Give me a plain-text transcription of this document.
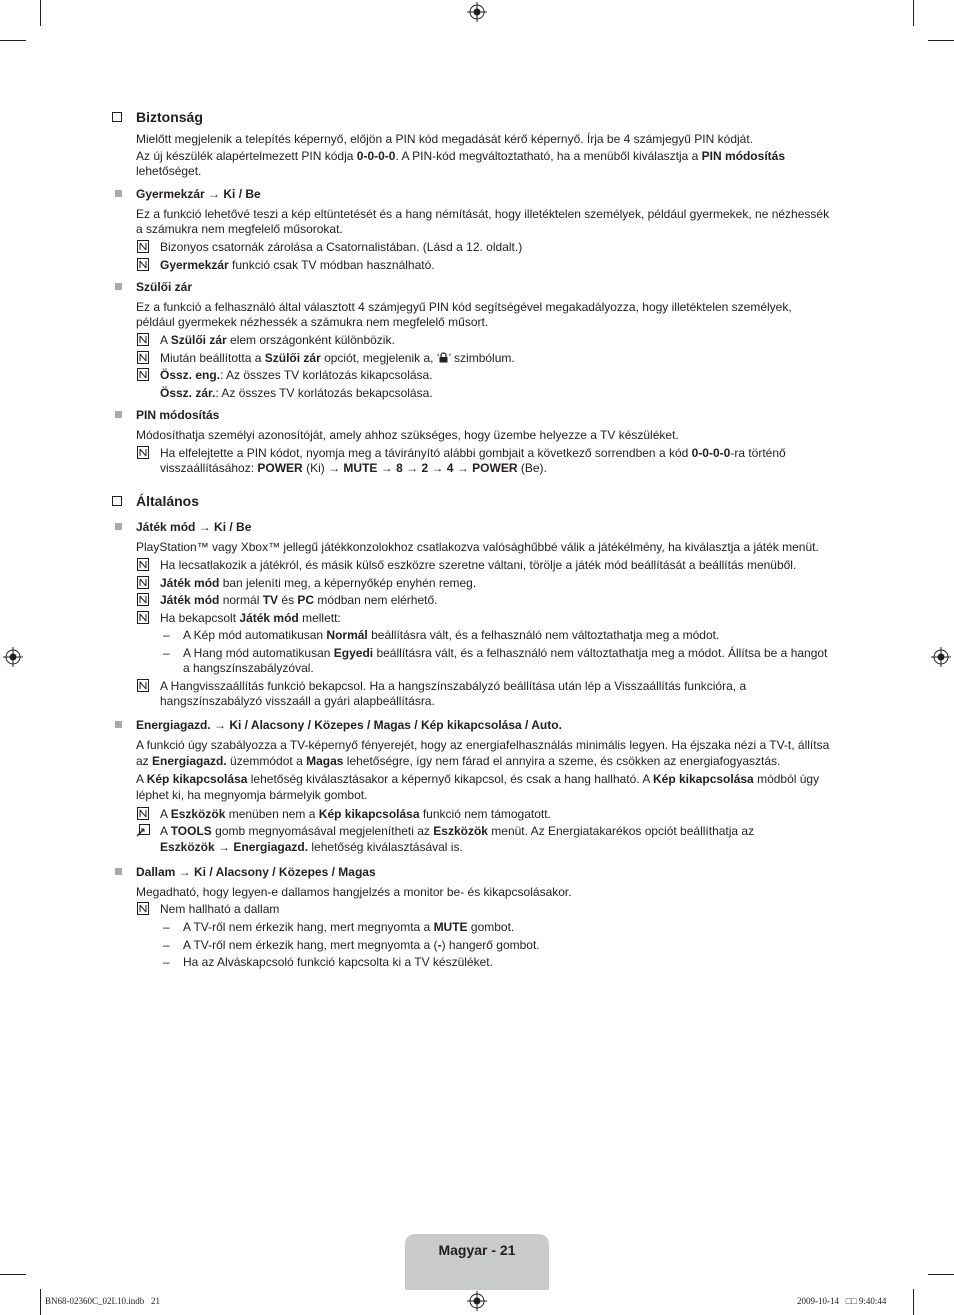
Biztonság
Mielőtt megjelenik a telepítés képernyő, előjön a PIN kód megadását kérő képernyő. Írja be 4 számjegyű PIN kódját.
Az új készülék alapértelmezett PIN kódja 0-0-0-0. A PIN-kód megváltoztatható, ha a menüből kiválasztja a PIN módosítás
lehetőséget.
Gyermekzár → Ki / Be
Ez a funkció lehetővé teszi a kép eltüntetését és a hang némítását, hogy illetéktelen személyek, például gyermekek, ne nézhessék
a számukra nem megfelelő műsorokat.
Bizonyos csatornák zárolása a Csatornalistában. (Lásd a 12. oldalt.)
Gyermekzár funkció csak TV módban használható.
Szülői zár
Ez a funkció a felhasználó által választott 4 számjegyű PIN kód segítségével megakadályozza, hogy illetéktelen személyek,
például gyermekek nézhessék a számukra nem megfelelő műsort.
A Szülői zár elem országonként különbözik.
Miután beállította a Szülői zár opciót, megjelenik a, ‘ ’ szimbólum.
Össz. eng.: Az összes TV korlátozás kikapcsolása.
Össz. zár.: Az összes TV korlátozás bekapcsolása.
PIN módosítás
Módosíthatja személyi azonosítóját, amely ahhoz szükséges, hogy üzembe helyezze a TV készüléket.
Ha elfelejtette a PIN kódot, nyomja meg a távirányító alábbi gombjait a következő sorrendben a kód 0-0-0-0-ra történő
visszaállításához: POWER (Ki) → MUTE → 8 → 2 → 4 → POWER (Be).
Általános
Játék mód → Ki / Be
PlayStation™ vagy Xbox™ jellegű játékkonzolokhoz csatlakozva valósághűbbé válik a játékélmény, ha kiválasztja a játék menüt.
Ha lecsatlakozik a játékról, és másik külső eszközre szeretne váltani, törölje a játék mód beállítását a beállítás menüből.
Játék mód ban jeleníti meg, a képernyőkép enyhén remeg.
Játék mód normál TV és PC módban nem elérhető.
Ha bekapcsolt Játék mód mellett:
– A Kép mód automatikusan Normál beállításra vált, és a felhasználó nem változtathatja meg a módot.
– A Hang mód automatikusan Egyedi beállításra vált, és a felhasználó nem változtathatja meg a módot. Állítsa be a hangot
a hangszínszabályzóval.
A Hangvisszaállítás funkció bekapcsol. Ha a hangszínszabályzó beállítása után lép a Visszaállítás funkcióra, a
hangszínszabályzó visszaáll a gyári alapbeállításra.
Energiagazd. → Ki / Alacsony / Közepes / Magas / Kép kikapcsolása / Auto.
A funkció úgy szabályozza a TV-képernyő fényerejét, hogy az energiafelhasználás minimális legyen. Ha éjszaka nézi a TV-t, állítsa
az Energiagazd. üzemmódot a Magas lehetőségre, így nem fárad el annyira a szeme, és csökken az energiafogyasztás.
A Kép kikapcsolása lehetőség kiválasztásakor a képernyő kikapcsol, és csak a hang hallható. A Kép kikapcsolása módból úgy
léphet ki, ha megnyomja bármelyik gombot.
A Eszközök menüben nem a Kép kikapcsolása funkció nem támogatott.
A TOOLS gomb megnyomásával megjelenítheti az Eszközök menüt. Az Energiatakarékos opciót beállíthatja az
Eszközök → Energiagazd. lehetőség kiválasztásával is.
Dallam → Ki / Alacsony / Közepes / Magas
Megadható, hogy legyen-e dallamos hangjelzés a monitor be- és kikapcsolásakor.
Nem hallható a dallam
– A TV-ről nem érkezik hang, mert megnyomta a MUTE gombot.
– A TV-ről nem érkezik hang, mert megnyomta a (-) hangerő gombot.
– Ha az Alváskapcsoló funkció kapcsolta ki a TV készüléket.
Magyar - 21
BN68-02360C_02L10.indb   21	2009-10-14   □□ 9:40:44
